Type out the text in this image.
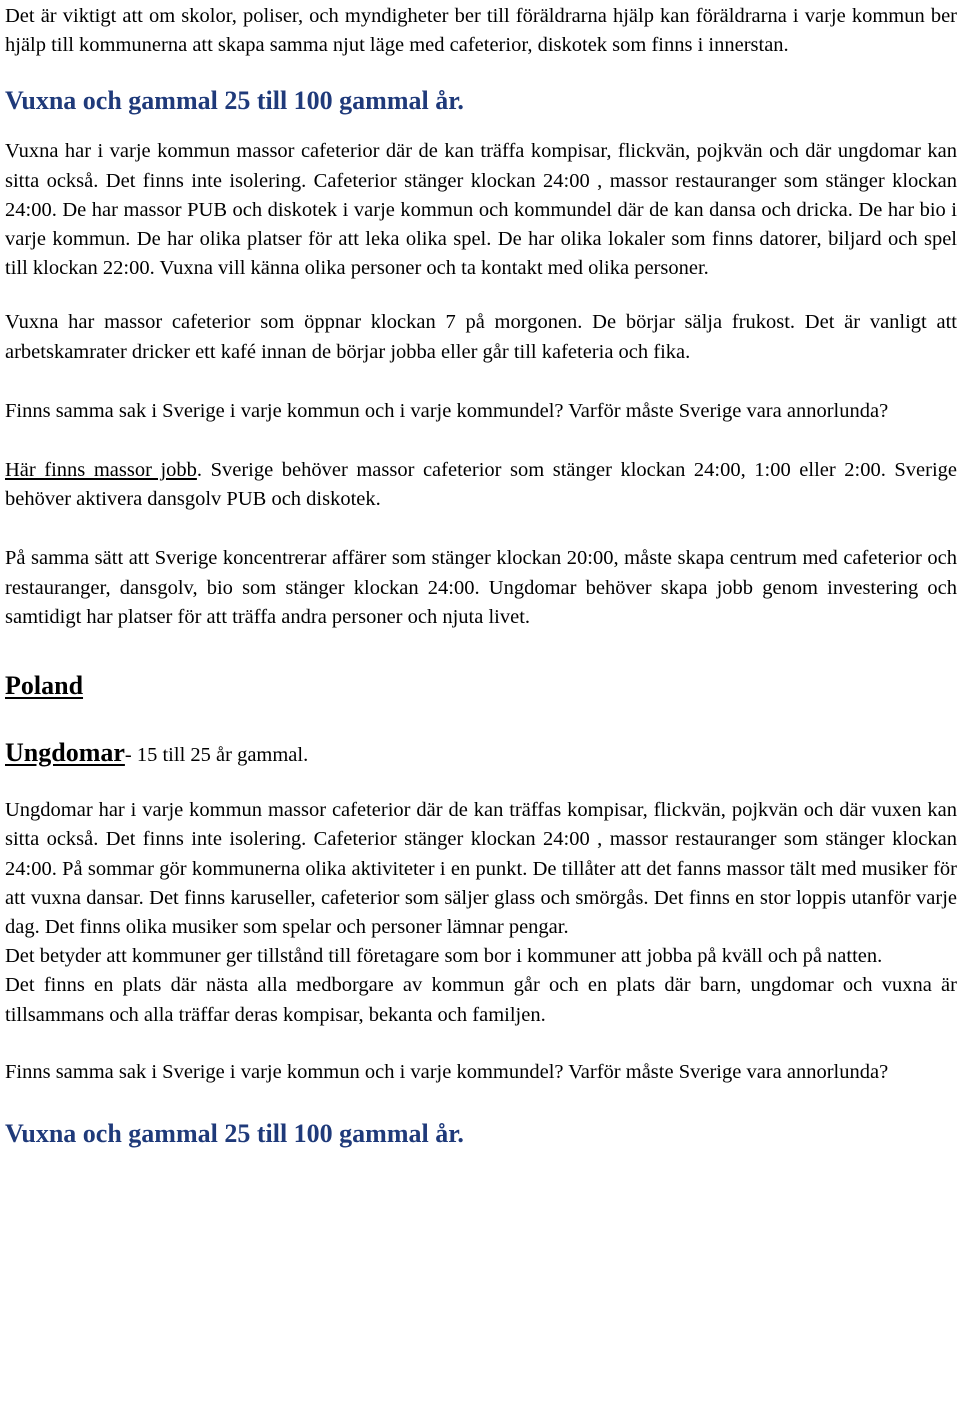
Det är viktigt att om skolor, poliser, och myndigheter ber till föräldrarna hjälp kan föräldrarna i varje kommun ber hjälp till kommunerna att skapa samma njut läge med cafeterior, diskotek som finns i innerstan.

Vuxna och gammal 25 till 100 gammal år.

Vuxna har i varje kommun massor cafeterior där de kan träffa kompisar, flickvän, pojkvän och där ungdomar kan sitta också. Det finns inte isolering. Cafeterior stänger klockan 24:00 , massor restauranger som stänger klockan 24:00. De har massor PUB och diskotek i varje kommun och kommundel där de kan dansa och dricka. De har bio i varje kommun. De har olika platser för att leka olika spel. De har olika lokaler som finns datorer, biljard och spel till klockan 22:00. Vuxna vill känna olika personer och ta kontakt med olika personer.

Vuxna har massor cafeterior som öppnar klockan 7 på morgonen. De börjar sälja frukost. Det är vanligt att arbetskamrater dricker ett kafé innan de börjar jobba eller går till kafeteria och fika.

Finns samma sak i Sverige i varje kommun och i varje kommundel? Varför måste Sverige vara annorlunda?

Här finns massor jobb. Sverige behöver massor cafeterior som stänger klockan 24:00, 1:00 eller 2:00. Sverige behöver aktivera dansgolv PUB och diskotek.

På samma sätt att Sverige koncentrerar affärer som stänger klockan 20:00, måste skapa centrum med cafeterior och restauranger, dansgolv, bio som stänger klockan 24:00. Ungdomar behöver skapa jobb genom investering och samtidigt har platser för att träffa andra personer och njuta livet.

Poland

Ungdomar- 15 till 25 år gammal.

Ungdomar har i varje kommun massor cafeterior där de kan träffas kompisar, flickvän, pojkvän och där vuxen kan sitta också. Det finns inte isolering. Cafeterior stänger klockan 24:00 , massor restauranger som stänger klockan 24:00. På sommar gör kommunerna olika aktiviteter i en punkt. De tillåter att det fanns massor tält med musiker för att vuxna dansar. Det finns karuseller, cafeterior som säljer glass och smörgås. Det finns en stor loppis utanför varje dag. Det finns olika musiker som spelar och personer lämnar pengar.

Det betyder att kommuner ger tillstånd till företagare som bor i kommuner att jobba på kväll och på natten.

Det finns en plats där nästa alla medborgare av kommun går och en plats där barn, ungdomar och vuxna är tillsammans och alla träffar deras kompisar, bekanta och familjen.

Finns samma sak i Sverige i varje kommun och i varje kommundel? Varför måste Sverige vara annorlunda?

Vuxna och gammal 25 till 100 gammal år.
